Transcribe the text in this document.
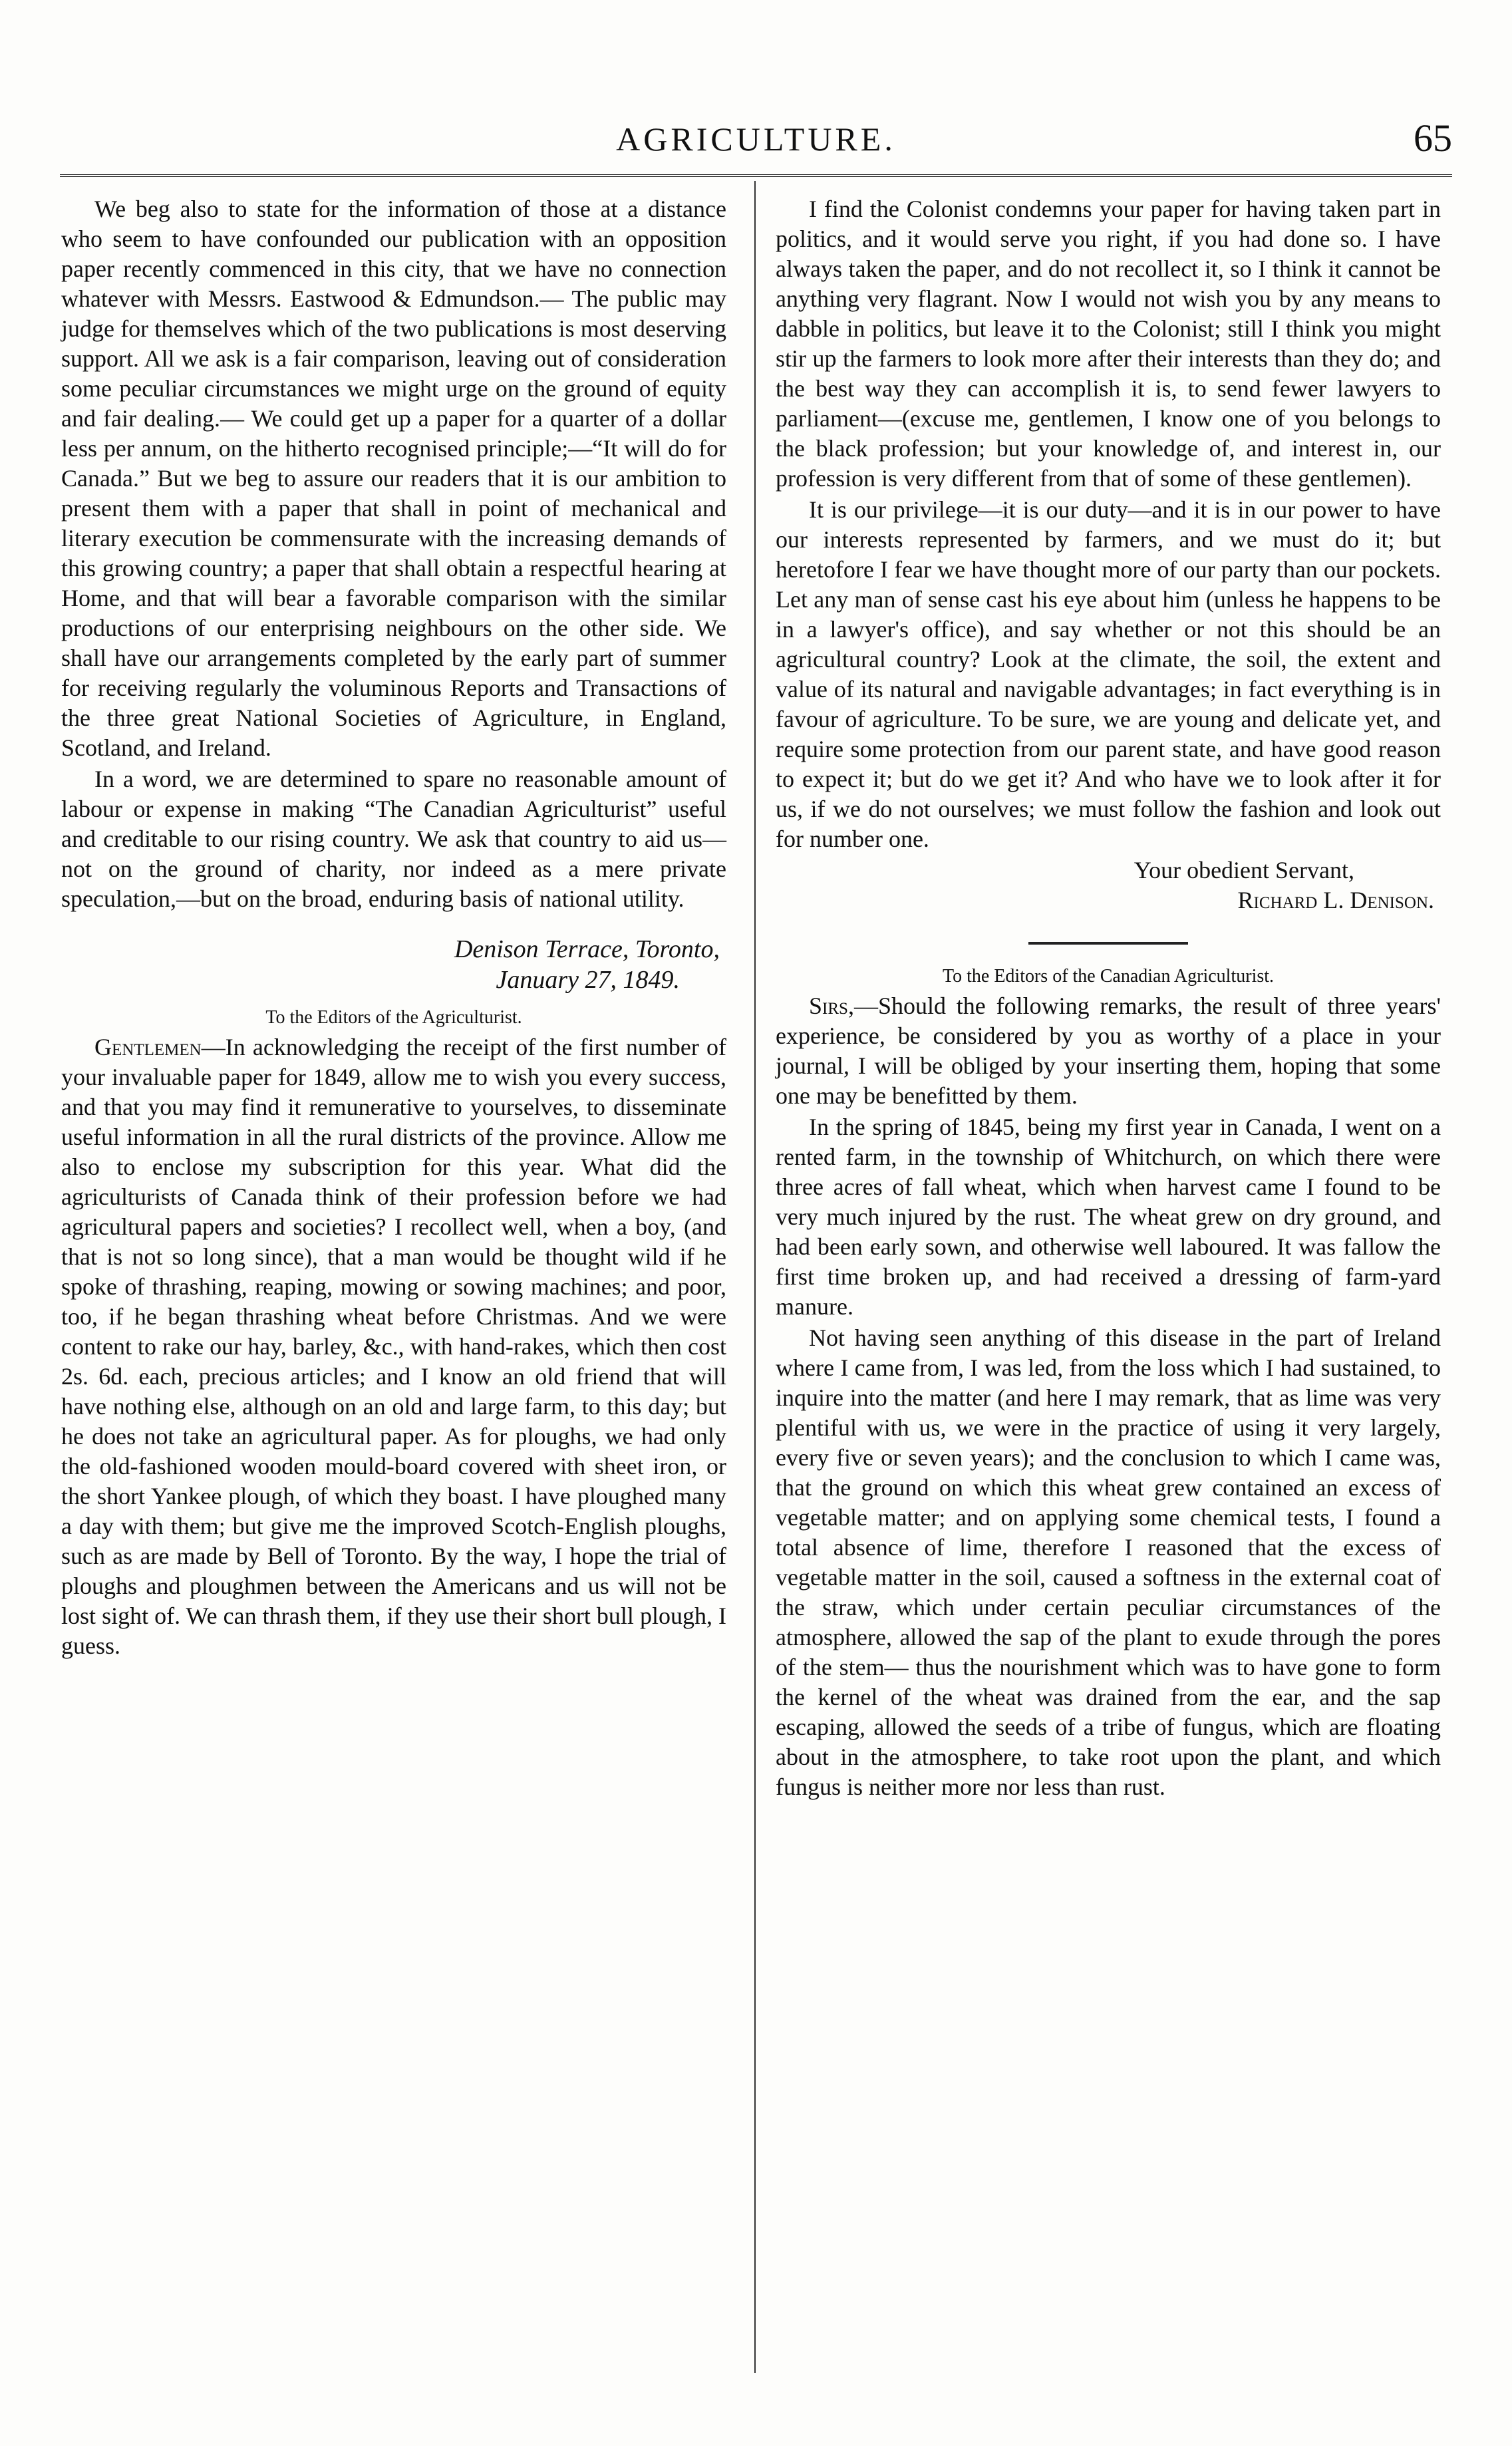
AGRICULTURE.	65

We beg also to state for the information of those at a distance who seem to have confounded our publication with an opposition paper recently commenced in this city, that we have no connection whatever with Messrs. Eastwood & Edmundson.— The public may judge for themselves which of the two publications is most deserving support. All we ask is a fair comparison, leaving out of consideration some peculiar circumstances we might urge on the ground of equity and fair dealing.— We could get up a paper for a quarter of a dollar less per annum, on the hitherto recognised principle;—“It will do for Canada.” But we beg to assure our readers that it is our ambition to present them with a paper that shall in point of mechanical and literary execution be commensurate with the increasing demands of this growing country; a paper that shall obtain a respectful hearing at Home, and that will bear a favorable comparison with the similar productions of our enterprising neighbours on the other side. We shall have our arrangements completed by the early part of summer for receiving regularly the voluminous Reports and Transactions of the three great National Societies of Agriculture, in England, Scotland, and Ireland.

In a word, we are determined to spare no reasonable amount of labour or expense in making “The Canadian Agriculturist” useful and creditable to our rising country. We ask that country to aid us—not on the ground of charity, nor indeed as a mere private speculation,—but on the broad, enduring basis of national utility.

Denison Terrace, Toronto,
January 27, 1849.
To the Editors of the Agriculturist.

Gentlemen—In acknowledging the receipt of the first number of your invaluable paper for 1849, allow me to wish you every success, and that you may find it remunerative to yourselves, to disseminate useful information in all the rural districts of the province. Allow me also to enclose my subscription for this year. What did the agriculturists of Canada think of their profession before we had agricultural papers and societies? I recollect well, when a boy, (and that is not so long since), that a man would be thought wild if he spoke of thrashing, reaping, mowing or sowing machines; and poor, too, if he began thrashing wheat before Christmas. And we were content to rake our hay, barley, &c., with hand-rakes, which then cost 2s. 6d. each, precious articles; and I know an old friend that will have nothing else, although on an old and large farm, to this day; but he does not take an agricultural paper. As for ploughs, we had only the old-fashioned wooden mould-board covered with sheet iron, or the short Yankee plough, of which they boast. I have ploughed many a day with them; but give me the improved Scotch-English ploughs, such as are made by Bell of Toronto. By the way, I hope the trial of ploughs and ploughmen between the Americans and us will not be lost sight of. We can thrash them, if they use their short bull plough, I guess.

I find the Colonist condemns your paper for having taken part in politics, and it would serve you right, if you had done so. I have always taken the paper, and do not recollect it, so I think it cannot be anything very flagrant. Now I would not wish you by any means to dabble in politics, but leave it to the Colonist; still I think you might stir up the farmers to look more after their interests than they do; and the best way they can accomplish it is, to send fewer lawyers to parliament—(excuse me, gentlemen, I know one of you belongs to the black profession; but your knowledge of, and interest in, our profession is very different from that of some of these gentlemen).

It is our privilege—it is our duty—and it is in our power to have our interests represented by farmers, and we must do it; but heretofore I fear we have thought more of our party than our pockets. Let any man of sense cast his eye about him (unless he happens to be in a lawyer's office), and say whether or not this should be an agricultural country? Look at the climate, the soil, the extent and value of its natural and navigable advantages; in fact everything is in favour of agriculture. To be sure, we are young and delicate yet, and require some protection from our parent state, and have good reason to expect it; but do we get it? And who have we to look after it for us, if we do not ourselves; we must follow the fashion and look out for number one.

Your obedient Servant,
Richard L. Denison.
To the Editors of the Canadian Agriculturist.

Sirs,—Should the following remarks, the result of three years' experience, be considered by you as worthy of a place in your journal, I will be obliged by your inserting them, hoping that some one may be benefitted by them.

In the spring of 1845, being my first year in Canada, I went on a rented farm, in the township of Whitchurch, on which there were three acres of fall wheat, which when harvest came I found to be very much injured by the rust. The wheat grew on dry ground, and had been early sown, and otherwise well laboured. It was fallow the first time broken up, and had received a dressing of farm-yard manure.

Not having seen anything of this disease in the part of Ireland where I came from, I was led, from the loss which I had sustained, to inquire into the matter (and here I may remark, that as lime was very plentiful with us, we were in the practice of using it very largely, every five or seven years); and the conclusion to which I came was, that the ground on which this wheat grew contained an excess of vegetable matter; and on applying some chemical tests, I found a total absence of lime, therefore I reasoned that the excess of vegetable matter in the soil, caused a softness in the external coat of the straw, which under certain peculiar circumstances of the atmosphere, allowed the sap of the plant to exude through the pores of the stem— thus the nourishment which was to have gone to form the kernel of the wheat was drained from the ear, and the sap escaping, allowed the seeds of a tribe of fungus, which are floating about in the atmosphere, to take root upon the plant, and which fungus is neither more nor less than rust.
